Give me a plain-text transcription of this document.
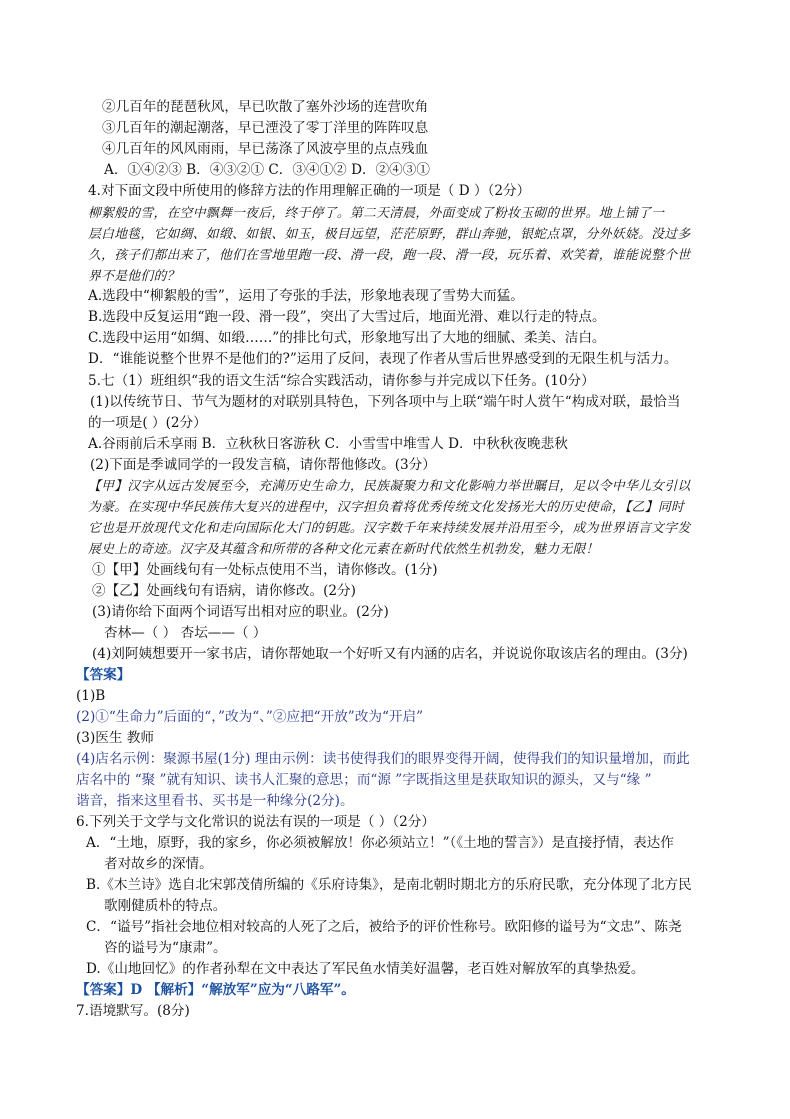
②几百年的琵琶秋风，早已吹散了塞外沙场的连营吹角
③几百年的潮起潮落，早已湮没了零丁洋里的阵阵叹息
④几百年的风风雨雨，早已荡涤了风波亭里的点点残血
A．①④②③ B．④③②① C．③④①② D．②④③①
4.对下面文段中所使用的修辞方法的作用理解正确的一项是（ D ）（2分）
柳絮般的雪，在空中飘舞一夜后，终于停了。第二天清晨，外面变成了粉妆玉砌的世界。地上铺了一
层白地毯，它如绸、如缎、如银、如玉，极目远望，茫茫原野，群山奔驰，银蛇点罩，分外妖娆。没过多
久，孩子们都出来了，他们在雪地里跑一段、滑一段，跑一段、滑一段，玩乐着、欢笑着，谁能说整个世
界不是他们的？
A.选段中“柳絮般的雪”，运用了夸张的手法，形象地表现了雪势大而猛。
B.选段中反复运用“跑一段、滑一段”，突出了大雪过后，地面光滑、难以行走的特点。
C.选段中运用“如绸、如缎……”的排比句式，形象地写出了大地的细腻、柔美、洁白。
D．“谁能说整个世界不是他们的?”运用了反问，表现了作者从雪后世界感受到的无限生机与活力。
5.七（1）班组织“我的语文生活“综合实践活动，请你参与并完成以下任务。(10分）
(1)以传统节日、节气为题材的对联别具特色，下列各项中与上联“端午时人赏午“构成对联，最恰当
的一项是( ）(2分）
A.谷雨前后禾享雨 B．立秋秋日客游秋 C．小雪雪中堆雪人 D．中秋秋夜晚悲秋
(2)下面是季诚同学的一段发言稿，请你帮他修改。(3分）
【甲】汉字从远古发展至今，充满历史生命力，民族凝聚力和文化影响力举世瞩目，足以令中华儿女引以
为豪。在实现中华民族伟大复兴的进程中，汉字担负着将优秀传统文化发扬光大的历史使命，【乙】同时
它也是开放现代文化和走向国际化大门的钥匙。汉字数千年来持续发展并沿用至今，成为世界语言文字发
展史上的奇迹。汉字及其蕴含和所带的各种文化元素在新时代依然生机勃发，魅力无限！
①【甲】处画线句有一处标点使用不当，请你修改。(1分)
②【乙】处画线句有语病，请你修改。(2分)
(3)请你给下面两个词语写出相对应的职业。(2分)
杏林—（ ） 杏坛——（ ）
(4)刘阿姨想要开一家书店，请你帮她取一个好听又有内涵的店名，并说说你取该店名的理由。(3分)
【答案】
(1)B
(2)①“生命力”后面的“，”改为“、”②应把“开放”改为“开启”
(3)医生 教师
(4)店名示例：聚源书屋(1分) 理由示例：读书使得我们的眼界变得开阔，使得我们的知识量增加，而此
店名中的 “聚 ”就有知识、读书人汇聚的意思；而“源 ”字既指这里是获取知识的源头，又与“缘 ”
谐音，指来这里看书、买书是一种缘分(2分)。
6.下列关于文学与文化常识的说法有误的一项是（ ）（2分）
A．“土地，原野，我的家乡，你必须被解放！你必须站立！”（《土地的誓言》）是直接抒情，表达作
者对故乡的深情。
B.《木兰诗》选自北宋郭茂倩所编的《乐府诗集》，是南北朝时期北方的乐府民歌，充分体现了北方民
歌刚健质朴的特点。
C．“谥号”指社会地位相对较高的人死了之后，被给予的评价性称号。欧阳修的谥号为“文忠”、陈尧
咨的谥号为“康肃”。
D.《山地回忆》的作者孙犁在文中表达了军民鱼水情美好温馨，老百姓对解放军的真挚热爱。
【答案】D 【解析】“解放军”应为“八路军”。
7.语境默写。(8分)
